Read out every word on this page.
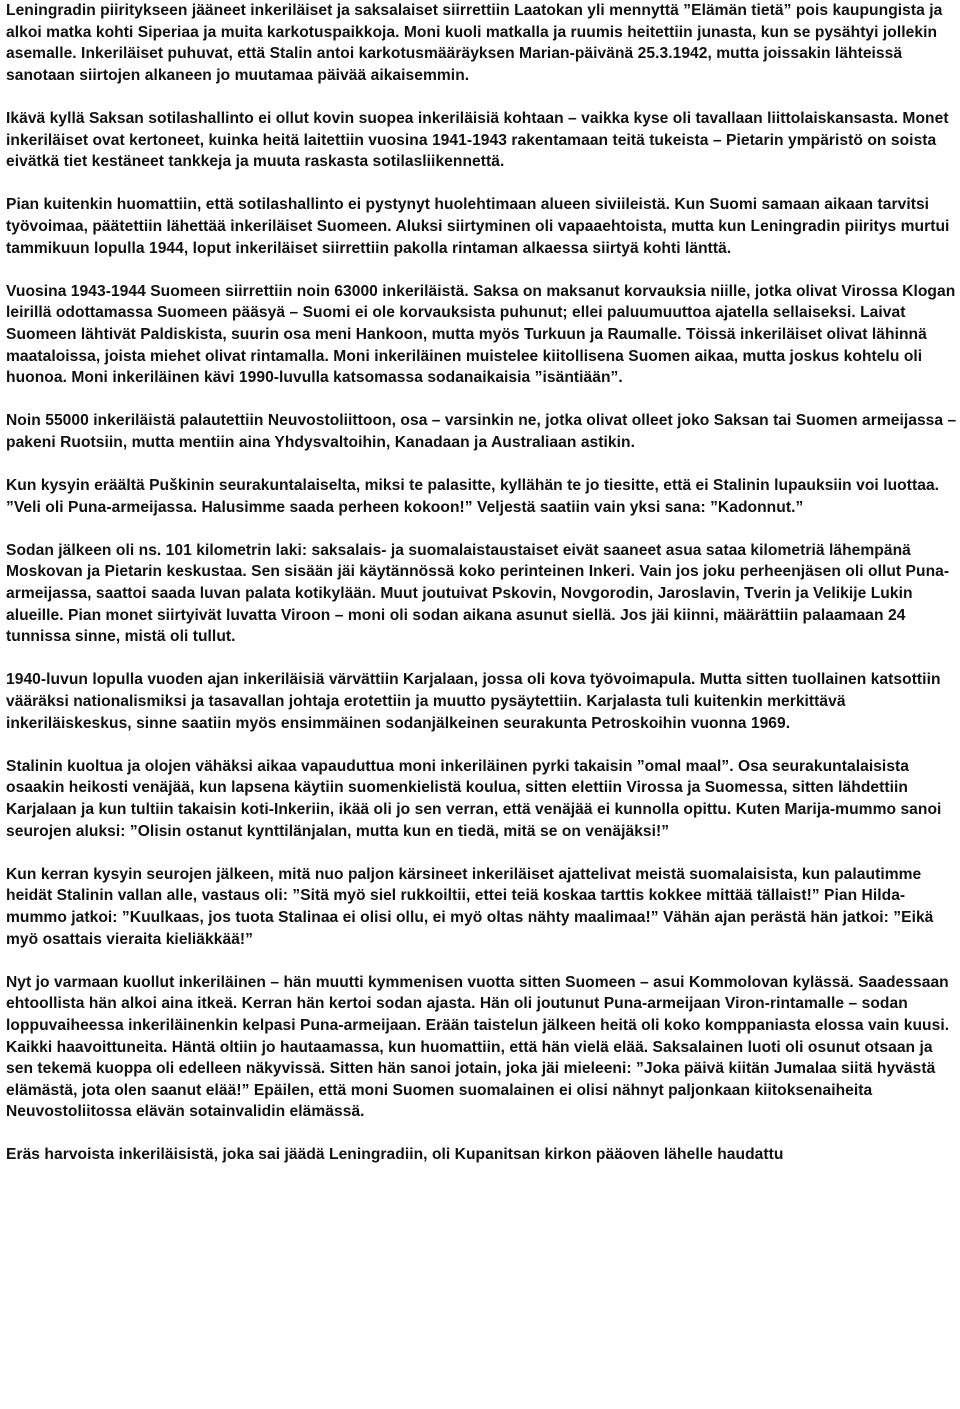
Leningradin piiritykseen jääneet inkeriläiset ja saksalaiset siirrettiin Laatokan yli mennyttä ”Elämän tietä” pois kaupungista ja alkoi matka kohti Siperiaa ja muita karkotuspaikkoja. Moni kuoli matkalla ja ruumis heitettiin junasta, kun se pysähtyi jollekin asemalle. Inkeriläiset puhuvat, että Stalin antoi karkotusmääräyksen Marian-päivänä 25.3.1942, mutta joissakin lähteissä sanotaan siirtojen alkaneen jo muutamaa päivää aikaisemmin.

Ikävä kyllä Saksan sotilashallinto ei ollut kovin suopea inkeriläisiä kohtaan – vaikka kyse oli tavallaan liittolaiskansasta. Monet inkeriläiset ovat kertoneet, kuinka heitä laitettiin vuosina 1941-1943 rakentamaan teitä tukeista – Pietarin ympäristö on soista eivätkä tiet kestäneet tankkeja ja muuta raskasta sotilasliikennettä.

Pian kuitenkin huomattiin, että sotilashallinto ei pystynyt huolehtimaan alueen siviileistä. Kun Suomi samaan aikaan tarvitsi työvoimaa, päätettiin lähettää inkeriläiset Suomeen. Aluksi siirtyminen oli vapaaehtoista, mutta kun Leningradin piiritys murtui tammikuun lopulla 1944, loput inkeriläiset siirrettiin pakolla rintaman alkaessa siirtyä kohti länttä.

Vuosina 1943-1944 Suomeen siirrettiin noin 63000 inkeriläistä. Saksa on maksanut korvauksia niille, jotka olivat Virossa Klogan leirillä odottamassa Suomeen pääsyä – Suomi ei ole korvauksista puhunut; ellei paluumuuttoa ajatella sellaiseksi. Laivat Suomeen lähtivät Paldiskista, suurin osa meni Hankoon, mutta myös Turkuun ja Raumalle. Töissä inkeriläiset olivat lähinnä maataloissa, joista miehet olivat rintamalla. Moni inkeriläinen muistelee kiitollisena Suomen aikaa, mutta joskus kohtelu oli huonoa. Moni inkeriläinen kävi 1990-luvulla katsomassa sodanaikaisia ”isäntiään”.

Noin 55000 inkeriläistä palautettiin Neuvostoliittoon, osa – varsinkin ne, jotka olivat olleet joko Saksan tai Suomen armeijassa – pakeni Ruotsiin, mutta mentiin aina Yhdysvaltoihin, Kanadaan ja Australiaan astikin.

Kun kysyin eräältä Puškinin seurakuntalaiselta, miksi te palasitte, kyllähän te jo tiesitte, että ei Stalinin lupauksiin voi luottaa. ”Veli oli Puna-armeijassa. Halusimme saada perheen kokoon!” Veljestä saatiin vain yksi sana: ”Kadonnut.”

Sodan jälkeen oli ns. 101 kilometrin laki: saksalais- ja suomalaistaustaiset eivät saaneet asua sataa kilometriä lähempänä Moskovan ja Pietarin keskustaa. Sen sisään jäi käytännössä koko perinteinen Inkeri. Vain jos joku perheenjäsen oli ollut Puna-armeijassa, saattoi saada luvan palata kotikylään. Muut joutuivat Pskovin, Novgorodin, Jaroslavin, Tverin ja Velikije Lukin alueille. Pian monet siirtyivät luvatta Viroon – moni oli sodan aikana asunut siellä. Jos jäi kiinni, määrättiin palaamaan 24 tunnissa sinne, mistä oli tullut.

1940-luvun lopulla vuoden ajan inkeriläisiä värvättiin Karjalaan, jossa oli kova työvoimapula. Mutta sitten tuollainen katsottiin vääräksi nationalismiksi ja tasavallan johtaja erotettiin ja muutto pysäytettiin. Karjalasta tuli kuitenkin merkittävä inkeriläiskeskus, sinne saatiin myös ensimmäinen sodanjälkeinen seurakunta Petroskoihin vuonna 1969.

Stalinin kuoltua ja olojen vähäksi aikaa vapauduttua moni inkeriläinen pyrki takaisin ”omal maal”. Osa seurakuntalaisista osaakin heikosti venäjää, kun lapsena käytiin suomenkielistä koulua, sitten elettiin Virossa ja Suomessa, sitten lähdettiin Karjalaan ja kun tultiin takaisin koti-Inkeriin, ikää oli jo sen verran, että venäjää ei kunnolla opittu. Kuten Marija-mummo sanoi seurojen aluksi: ”Olisin ostanut kynttilänjalan, mutta kun en tiedä, mitä se on venäjäksi!”

Kun kerran kysyin seurojen jälkeen, mitä nuo paljon kärsineet inkeriläiset ajattelivat meistä suomalaisista, kun palautimme heidät Stalinin vallan alle, vastaus oli: ”Sitä myö siel rukkoiltii, ettei teiä koskaa tarttis kokkee mittää tällaist!” Pian Hilda-mummo jatkoi: ”Kuulkaas, jos tuota Stalinaa ei olisi ollu, ei myö oltas nähty maalimaa!” Vähän ajan perästä hän jatkoi: ”Eikä myö osattais vieraita kieliäkkää!”

Nyt jo varmaan kuollut inkeriläinen – hän muutti kymmenisen vuotta sitten Suomeen – asui Kommolovan kylässä. Saadessaan ehtoollista hän alkoi aina itkeä. Kerran hän kertoi sodan ajasta. Hän oli joutunut Puna-armeijaan Viron-rintamalle – sodan loppuvaiheessa inkeriläinenkin kelpasi Puna-armeijaan. Erään taistelun jälkeen heitä oli koko komppaniasta elossa vain kuusi. Kaikki haavoittuneita. Häntä oltiin jo hautaamassa, kun huomattiin, että hän vielä elää. Saksalainen luoti oli osunut otsaan ja sen tekemä kuoppa oli edelleen näkyvissä. Sitten hän sanoi jotain, joka jäi mieleeni: ”Joka päivä kiitän Jumalaa siitä hyvästä elämästä, jota olen saanut elää!” Epäilen, että moni Suomen suomalainen ei olisi nähnyt paljonkaan kiitoksenaiheita Neuvostoliitossa elävän sotainvalidin elämässä.

Eräs harvoista inkeriläisistä, joka sai jäädä Leningradiin, oli Kupanitsan kirkon pääoven lähelle haudattu
